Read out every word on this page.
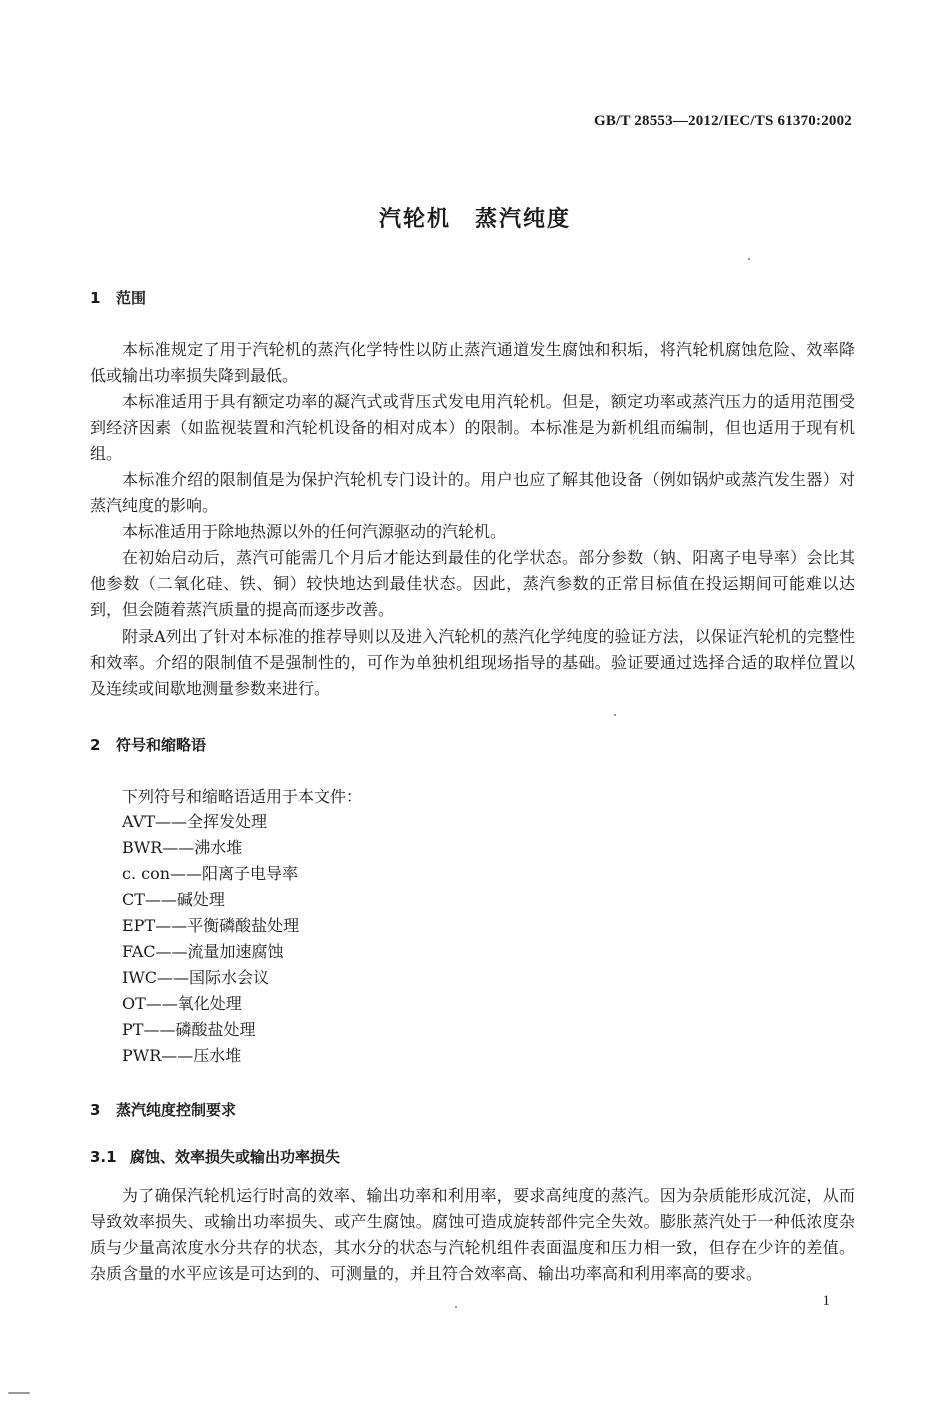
GB/T 28553—2012/IEC/TS 61370:2002
汽轮机　蒸汽纯度
1 范围

本标准规定了用于汽轮机的蒸汽化学特性以防止蒸汽通道发生腐蚀和积垢，将汽轮机腐蚀危险、效率降低或输出功率损失降到最低。

本标准适用于具有额定功率的凝汽式或背压式发电用汽轮机。但是，额定功率或蒸汽压力的适用范围受到经济因素（如监视装置和汽轮机设备的相对成本）的限制。本标准是为新机组而编制，但也适用于现有机组。

本标准介绍的限制值是为保护汽轮机专门设计的。用户也应了解其他设备（例如锅炉或蒸汽发生器）对蒸汽纯度的影响。

本标准适用于除地热源以外的任何汽源驱动的汽轮机。

在初始启动后，蒸汽可能需几个月后才能达到最佳的化学状态。部分参数（钠、阳离子电导率）会比其他参数（二氧化硅、铁、铜）较快地达到最佳状态。因此，蒸汽参数的正常目标值在投运期间可能难以达到，但会随着蒸汽质量的提高而逐步改善。

附录A列出了针对本标准的推荐导则以及进入汽轮机的蒸汽化学纯度的验证方法，以保证汽轮机的完整性和效率。介绍的限制值不是强制性的，可作为单独机组现场指导的基础。验证要通过选择合适的取样位置以及连续或间歇地测量参数来进行。

2 符号和缩略语
下列符号和缩略语适用于本文件：
AVT——全挥发处理
BWR——沸水堆
c. con——阳离子电导率
CT——碱处理
EPT——平衡磷酸盐处理
FAC——流量加速腐蚀
IWC——国际水会议
OT——氧化处理
PT——磷酸盐处理
PWR——压水堆
3 蒸汽纯度控制要求
3.1 腐蚀、效率损失或输出功率损失

为了确保汽轮机运行时高的效率、输出功率和利用率，要求高纯度的蒸汽。因为杂质能形成沉淀，从而导致效率损失、或输出功率损失、或产生腐蚀。腐蚀可造成旋转部件完全失效。膨胀蒸汽处于一种低浓度杂质与少量高浓度水分共存的状态，其水分的状态与汽轮机组件表面温度和压力相一致，但存在少许的差值。杂质含量的水平应该是可达到的、可测量的，并且符合效率高、输出功率高和利用率高的要求。

1
